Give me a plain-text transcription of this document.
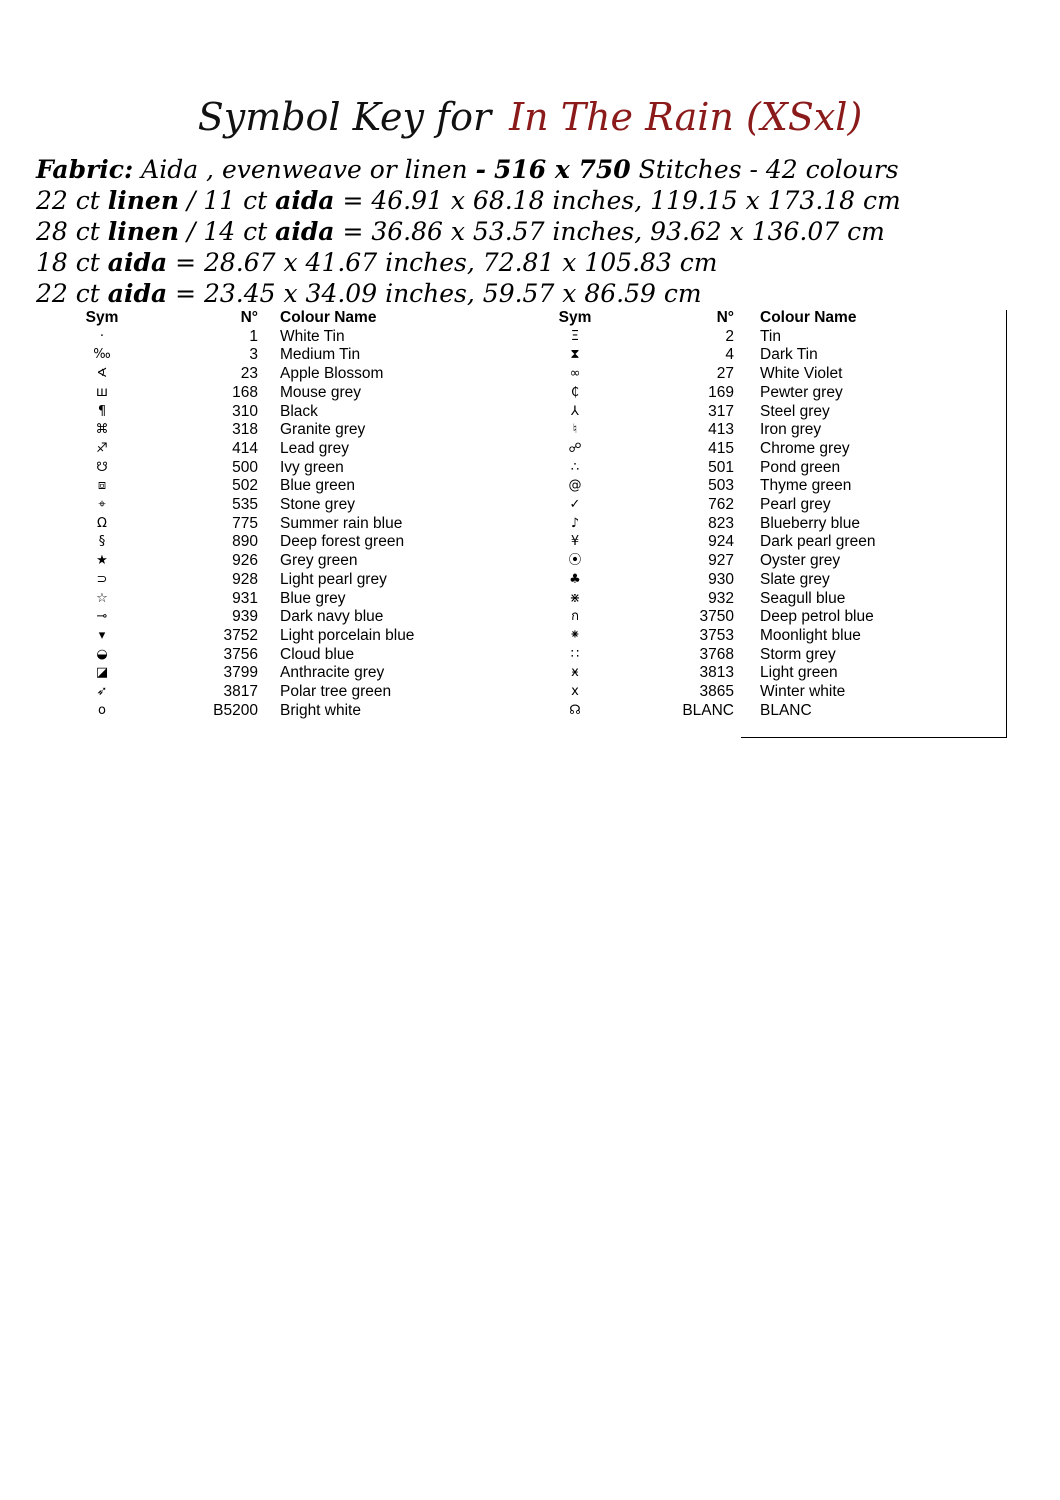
Symbol Key for In The Rain (XSxl)
Fabric: Aida , evenweave or linen - 516 x 750 Stitches - 42 colours
22 ct linen / 11 ct aida = 46.91 x 68.18 inches, 119.15 x 173.18 cm
28 ct linen / 14 ct aida = 36.86 x 53.57 inches, 93.62 x 136.07 cm
18 ct aida = 28.67 x 41.67 inches, 72.81 x 105.83 cm
22 ct aida = 23.45 x 34.09 inches, 59.57 x 86.59 cm
Sym	N° Colour Name
·	1 White Tin
‰	3 Medium Tin
∢	23 Apple Blossom
ш	168 Mouse grey
¶	310 Black
⌘	318 Granite grey
♐	414 Lead grey
☋	500 Ivy green
⧈	502 Blue green
⌖	535 Stone grey
Ω	775 Summer rain blue
§	890 Deep forest green
★	926 Grey green
⊃	928 Light pearl grey
☆	931 Blue grey
⊸	939 Dark navy blue
▾	3752 Light porcelain blue
◒	3756 Cloud blue
◪	3799 Anthracite grey
➶	3817 Polar tree green
o	B5200 Bright white
Sym	N° Colour Name
Ξ	2 Tin
⧗	4 Dark Tin
∞	27 White Violet
₵	169 Pewter grey
⅄	317 Steel grey
♮	413 Iron grey
☍	415 Chrome grey
∴	501 Pond green
@	503 Thyme green
✓	762 Pearl grey
♪	823 Blueberry blue
¥	924 Dark pearl green
⦿	927 Oyster grey
♣	930 Slate grey
⋇	932 Seagull blue
ก	3750 Deep petrol blue
⁕	3753 Moonlight blue
∷	3768 Storm grey
ӿ	3813 Light green
x	3865 Winter white
☊	BLANC BLANC
